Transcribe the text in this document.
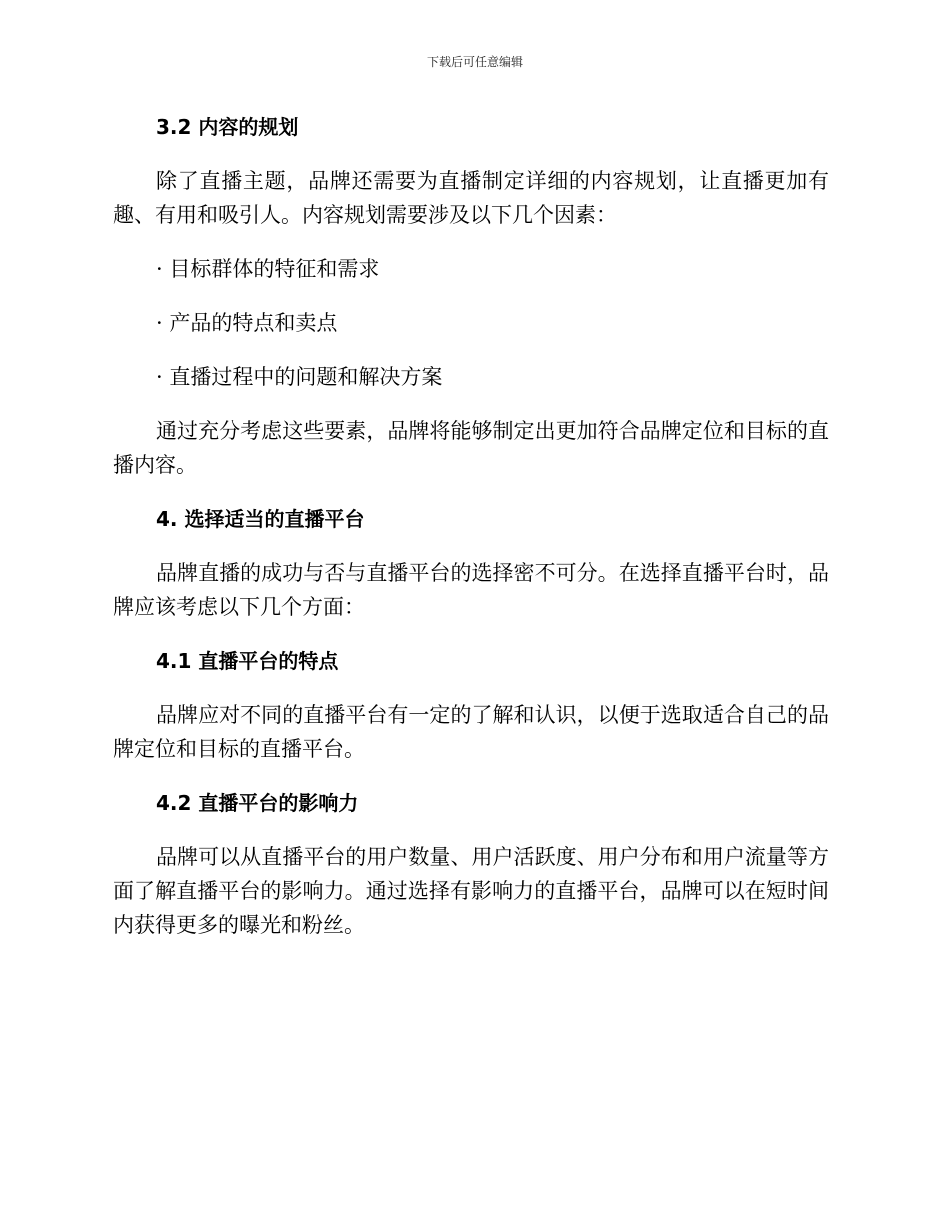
下载后可任意编辑
3.2 内容的规划
除了直播主题，品牌还需要为直播制定详细的内容规划，让直播更加有趣、有用和吸引人。内容规划需要涉及以下几个因素：
· 目标群体的特征和需求
· 产品的特点和卖点
· 直播过程中的问题和解决方案
通过充分考虑这些要素，品牌将能够制定出更加符合品牌定位和目标的直播内容。
4. 选择适当的直播平台
品牌直播的成功与否与直播平台的选择密不可分。在选择直播平台时，品牌应该考虑以下几个方面：
4.1 直播平台的特点
品牌应对不同的直播平台有一定的了解和认识，以便于选取适合自己的品牌定位和目标的直播平台。
4.2 直播平台的影响力
品牌可以从直播平台的用户数量、用户活跃度、用户分布和用户流量等方面了解直播平台的影响力。通过选择有影响力的直播平台，品牌可以在短时间内获得更多的曝光和粉丝。
